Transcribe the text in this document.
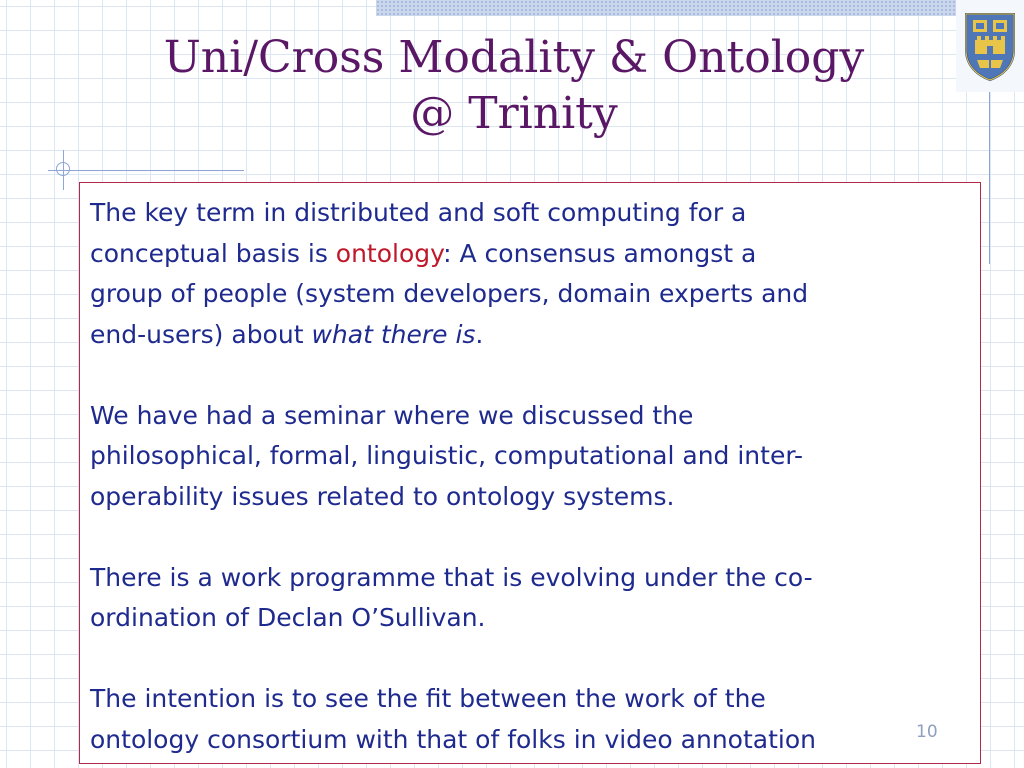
Uni/Cross Modality & Ontology
@ Trinity

The key term in distributed and soft computing for a
conceptual basis is ontology: A consensus amongst a
group of people (system developers, domain experts and
end-users) about what there is.

We have had a seminar where we discussed the
philosophical, formal, linguistic, computational and inter-
operability issues related to ontology systems.

There is a work programme that is evolving under the co-
ordination of Declan O’Sullivan.

The intention is to see the fit between the work of the
ontology consortium with that of folks in video annotation	10
